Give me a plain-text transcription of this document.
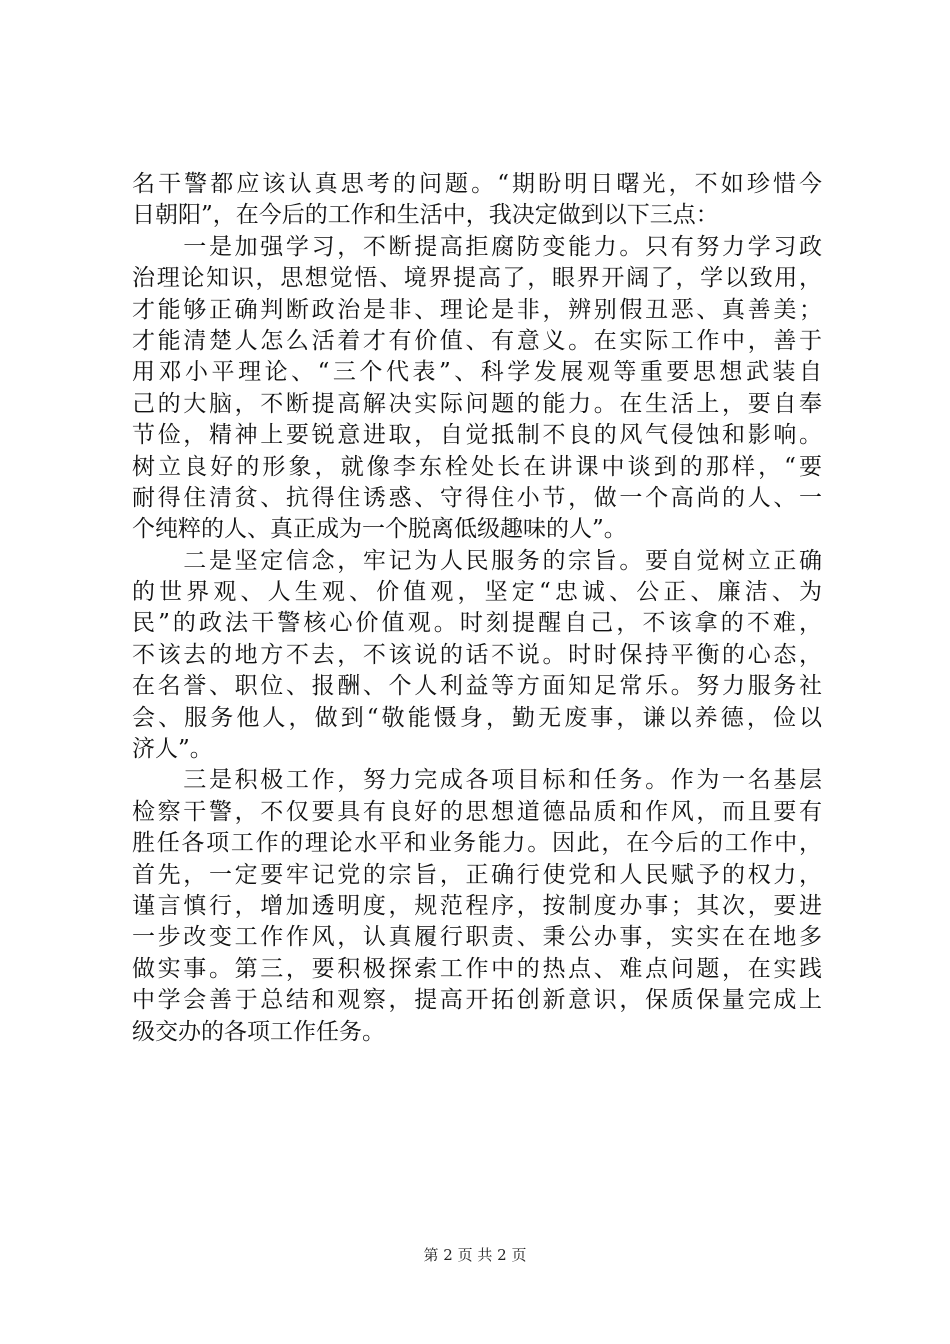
名干警都应该认真思考的问题。“期盼明日曙光，不如珍惜今
日朝阳”，在今后的工作和生活中，我决定做到以下三点：
　　一是加强学习，不断提高拒腐防变能力。只有努力学习政
治理论知识，思想觉悟、境界提高了，眼界开阔了，学以致用，
才能够正确判断政治是非、理论是非，辨别假丑恶、真善美；
才能清楚人怎么活着才有价值、有意义。在实际工作中，善于
用邓小平理论、“三个代表”、科学发展观等重要思想武装自
己的大脑，不断提高解决实际问题的能力。在生活上，要自奉
节俭，精神上要锐意进取，自觉抵制不良的风气侵蚀和影响。
树立良好的形象，就像李东栓处长在讲课中谈到的那样，“要
耐得住清贫、抗得住诱惑、守得住小节，做一个高尚的人、一
个纯粹的人、真正成为一个脱离低级趣味的人”。
　　二是坚定信念，牢记为人民服务的宗旨。要自觉树立正确
的世界观、人生观、价值观，坚定“忠诚、公正、廉洁、为
民”的政法干警核心价值观。时刻提醒自己，不该拿的不难，
不该去的地方不去，不该说的话不说。时时保持平衡的心态，
在名誉、职位、报酬、个人利益等方面知足常乐。努力服务社
会、服务他人，做到“敬能慑身，勤无废事，谦以养德，俭以
济人”。
　　三是积极工作，努力完成各项目标和任务。作为一名基层
检察干警，不仅要具有良好的思想道德品质和作风，而且要有
胜任各项工作的理论水平和业务能力。因此，在今后的工作中，
首先，一定要牢记党的宗旨，正确行使党和人民赋予的权力，
谨言慎行，增加透明度，规范程序，按制度办事；其次，要进
一步改变工作作风，认真履行职责、秉公办事，实实在在地多
做实事。第三，要积极探索工作中的热点、难点问题，在实践
中学会善于总结和观察，提高开拓创新意识，保质保量完成上
级交办的各项工作任务。
第 2 页 共 2 页
